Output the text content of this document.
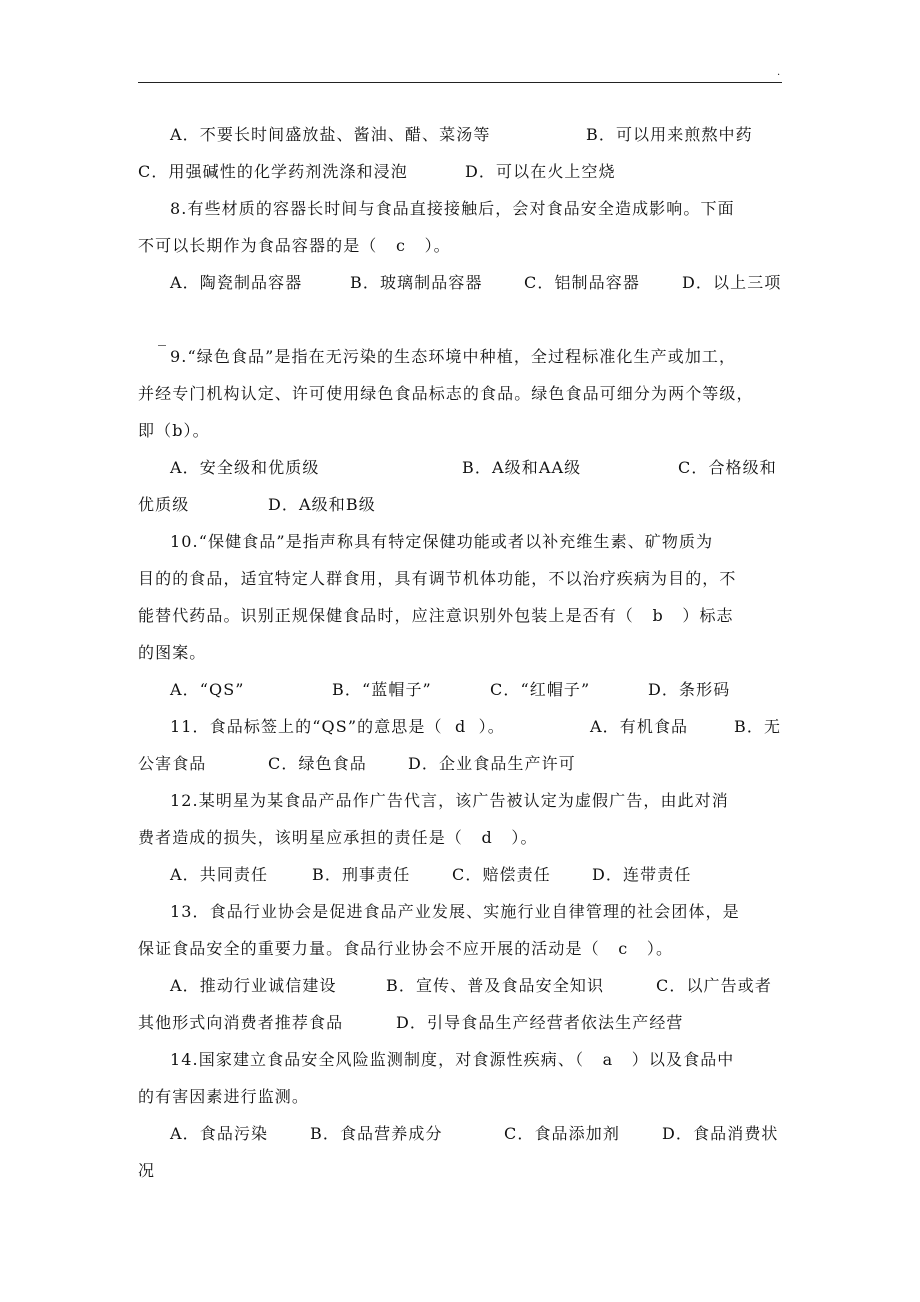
.
A．不要长时间盛放盐、酱油、醋、菜汤等	B．可以用来煎熬中药
C．用强碱性的化学药剂洗涤和浸泡	D．可以在火上空烧
8.有些材质的容器长时间与食品直接接触后，会对食品安全造成影响。下面
不可以长期作为食品容器的是（   c   ）。
A．陶瓷制品容器	B．玻璃制品容器	C．铝制品容器	D．以上三项
_
9.“绿色食品”是指在无污染的生态环境中种植，全过程标准化生产或加工，
并经专门机构认定、许可使用绿色食品标志的食品。绿色食品可细分为两个等级，
即（b）。
A．安全级和优质级	B．A级和AA级	C．合格级和
优质级	D．A级和B级
10.“保健食品”是指声称具有特定保健功能或者以补充维生素、矿物质为
目的的食品，适宜特定人群食用，具有调节机体功能，不以治疗疾病为目的，不
能替代药品。识别正规保健食品时，应注意识别外包装上是否有（   b   ）标志
的图案。
A．“QS”	B．“蓝帽子”	C．“红帽子”	D．条形码
11．食品标签上的“QS”的意思是（  d  ）。	A．有机食品	B．无
公害食品	C．绿色食品	D．企业食品生产许可
12.某明星为某食品产品作广告代言，该广告被认定为虚假广告，由此对消
费者造成的损失，该明星应承担的责任是（   d   ）。
A．共同责任	B．刑事责任	C．赔偿责任	D．连带责任
13．食品行业协会是促进食品产业发展、实施行业自律管理的社会团体，是
保证食品安全的重要力量。食品行业协会不应开展的活动是（   c   ）。
A．推动行业诚信建设	B．宣传、普及食品安全知识	C．以广告或者
其他形式向消费者推荐食品	D．引导食品生产经营者依法生产经营
14.国家建立食品安全风险监测制度，对食源性疾病、（   a   ）以及食品中
的有害因素进行监测。
A．食品污染	B．食品营养成分	C．食品添加剂	D．食品消费状
况
